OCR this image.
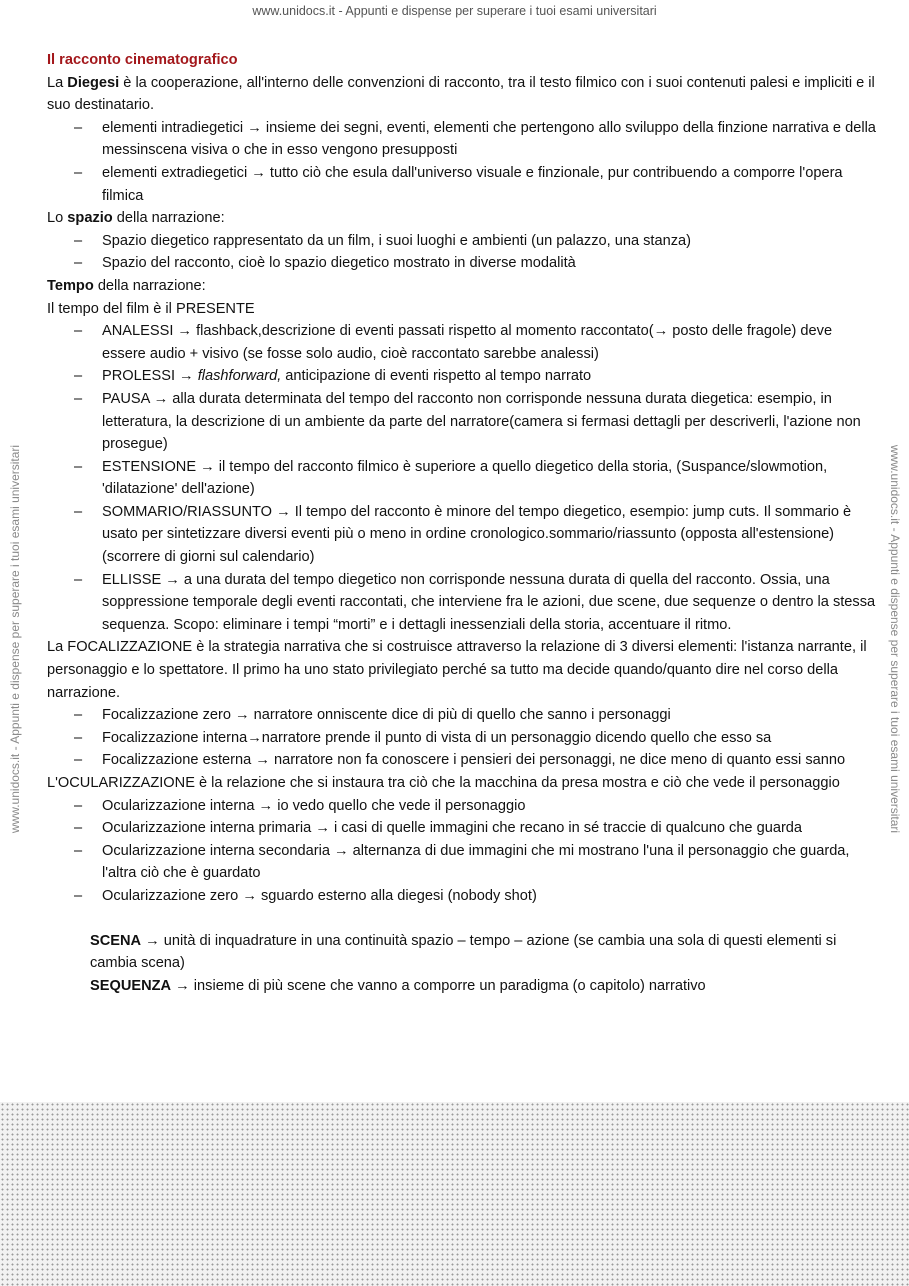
www.unidocs.it - Appunti e dispense per superare i tuoi esami universitari
www.unidocs.it - Appunti e dispense per superare i tuoi esami universitari	www.unidocs.it - Appunti e dispense per superare i tuoi esami universitari

Il racconto cinematografico

La Diegesi è la cooperazione, all'interno delle convenzioni di racconto, tra il testo filmico con i suoi contenuti palesi e impliciti e il suo destinatario.

– elementi intradiegetici → insieme dei segni, eventi, elementi che pertengono allo sviluppo della finzione narrativa e della messinscena visiva o che in esso vengono presupposti
– elementi extradiegetici → tutto ciò che esula dall'universo visuale e finzionale, pur contribuendo a comporre l'opera filmica

Lo spazio della narrazione:

– Spazio diegetico rappresentato da un film, i suoi luoghi e ambienti (un palazzo, una stanza)
– Spazio del racconto, cioè lo spazio diegetico mostrato in diverse modalità

Tempo della narrazione:

Il tempo del film è il PRESENTE

– ANALESSI → flashback,descrizione di eventi passati rispetto al momento raccontato(→ posto delle fragole) deve essere audio + visivo (se fosse solo audio, cioè raccontato sarebbe analessi)
– PROLESSI → flashforward, anticipazione di eventi rispetto al tempo narrato
– PAUSA → alla durata determinata del tempo del racconto non corrisponde nessuna durata diegetica: esempio, in letteratura, la descrizione di un ambiente da parte del narratore(camera si fermasi dettagli per descriverli, l'azione non prosegue)
– ESTENSIONE → il tempo del racconto filmico è superiore a quello diegetico della storia, (Suspance/slowmotion, 'dilatazione' dell'azione)
– SOMMARIO/RIASSUNTO → Il tempo del racconto è minore del tempo diegetico, esempio: jump cuts. Il sommario è usato per sintetizzare diversi eventi più o meno in ordine cronologico.sommario/riassunto (opposta all'estensione) (scorrere di giorni sul calendario)
– ELLISSE → a una durata del tempo diegetico non corrisponde nessuna durata di quella del racconto. Ossia, una soppressione temporale degli eventi raccontati, che interviene fra le azioni, due scene, due sequenze o dentro la stessa sequenza. Scopo: eliminare i tempi “morti” e i dettagli inessenziali della storia, accentuare il ritmo.

La FOCALIZZAZIONE è la strategia narrativa che si costruisce attraverso la relazione di 3 diversi elementi: l'istanza narrante, il personaggio e lo spettatore. Il primo ha uno stato privilegiato perché sa tutto ma decide quando/quanto dire nel corso della narrazione.

– Focalizzazione zero → narratore onniscente dice di più di quello che sanno i personaggi
– Focalizzazione interna→narratore prende il punto di vista di un personaggio dicendo quello che esso sa
– Focalizzazione esterna → narratore non fa conoscere i pensieri dei personaggi, ne dice meno di quanto essi sanno

L'OCULARIZZAZIONE è la relazione che si instaura tra ciò che la macchina da presa mostra e ciò che vede il personaggio

– Ocularizzazione interna → io vedo quello che vede il personaggio
– Ocularizzazione interna primaria → i casi di quelle immagini che recano in sé traccie di qualcuno che guarda
– Ocularizzazione interna secondaria → alternanza di due immagini che mi mostrano l'una il personaggio che guarda, l'altra ciò che è guardato
– Ocularizzazione zero → sguardo esterno alla diegesi (nobody shot)

SCENA → unità di inquadrature in una continuità spazio – tempo – azione (se cambia una sola di questi elementi si cambia scena)

SEQUENZA → insieme di più scene che vanno a comporre un paradigma (o capitolo) narrativo
